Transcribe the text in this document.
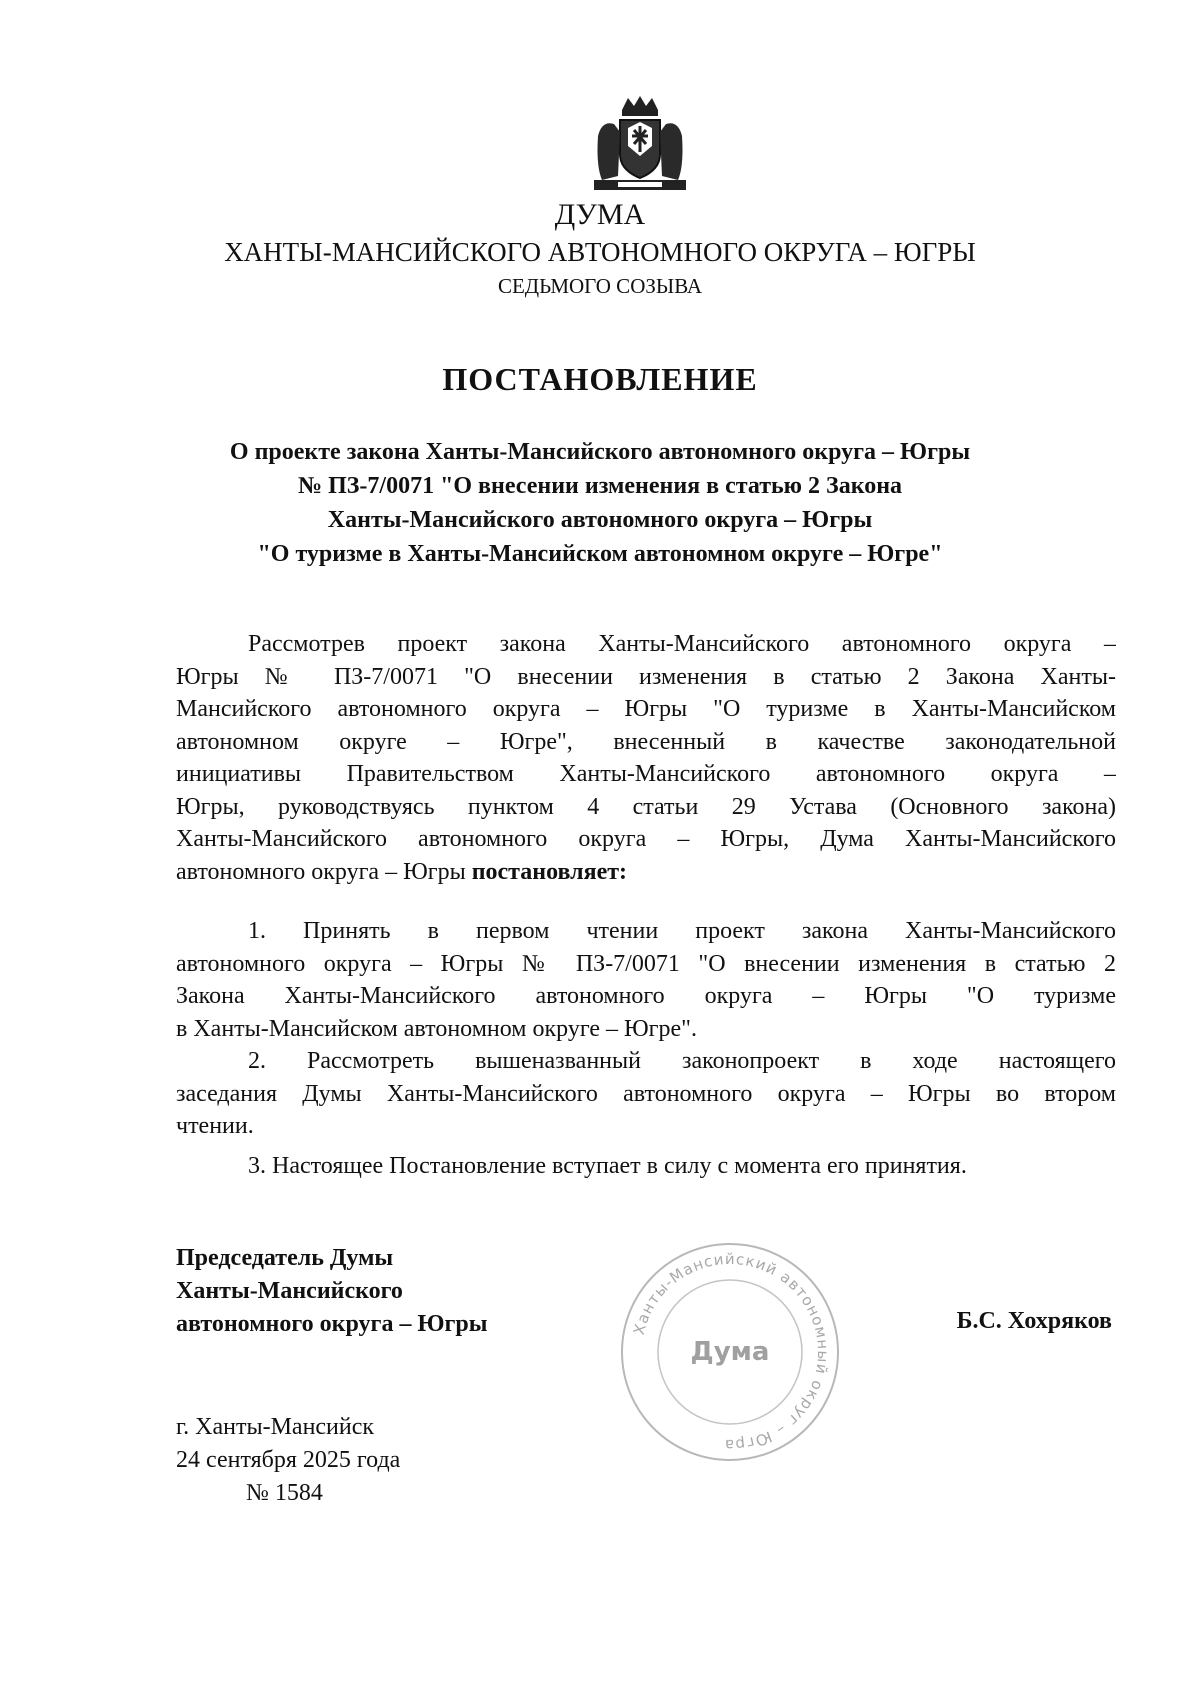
ДУМА
ХАНТЫ-МАНСИЙСКОГО АВТОНОМНОГО ОКРУГА – ЮГРЫ
СЕДЬМОГО СОЗЫВА
ПОСТАНОВЛЕНИЕ
О проекте закона Ханты-Мансийского автономного округа – Югры
№ ПЗ-7/0071 "О внесении изменения в статью 2 Закона
Ханты-Мансийского автономного округа – Югры
"О туризме в Ханты-Мансийском автономном округе – Югре"
Рассмотрев проект закона Ханты-Мансийского автономного округа –
Югры № ПЗ-7/0071 "О внесении изменения в статью 2 Закона Ханты-
Мансийского автономного округа – Югры "О туризме в Ханты-Мансийском
автономном округе – Югре", внесенный в качестве законодательной
инициативы Правительством Ханты-Мансийского автономного округа –
Югры, руководствуясь пунктом 4 статьи 29 Устава (Основного закона)
Ханты-Мансийского автономного округа – Югры, Дума Ханты-Мансийского
автономного округа – Югры постановляет:
1. Принять в первом чтении проект закона Ханты-Мансийского
автономного округа – Югры № ПЗ-7/0071 "О внесении изменения в статью 2
Закона Ханты-Мансийского автономного округа – Югры "О туризме
в Ханты-Мансийском автономном округе – Югре".
2. Рассмотреть вышеназванный законопроект в ходе настоящего
заседания Думы Ханты-Мансийского автономного округа – Югры во втором
чтении.
3. Настоящее Постановление вступает в силу с момента его принятия.
Председатель Думы
Ханты-Мансийского
автономного округа – Югры	Ханты-Мансийский автономный округ – Югра
Дума
Б.С. Хохряков
г. Ханты-Мансийск
24 сентября 2025 года
№ 1584
